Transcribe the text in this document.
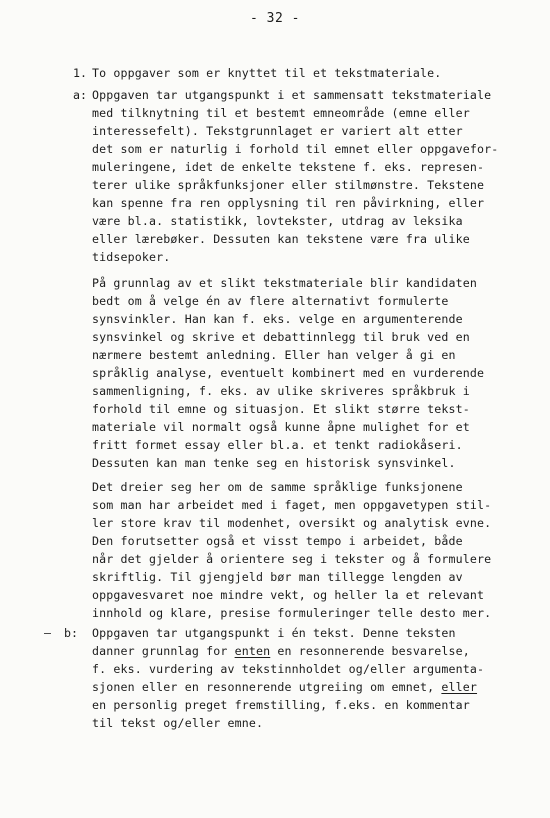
- 32 -
1. To oppgaver som er knyttet til et tekstmateriale.
a: Oppgaven tar utgangspunkt i et sammensatt tekstmateriale
med tilknytning til et bestemt emneområde (emne eller
interessefelt). Tekstgrunnlaget er variert alt etter
det som er naturlig i forhold til emnet eller oppgavefor-
muleringene, idet de enkelte tekstene f. eks. represen-
terer ulike språkfunksjoner eller stilmønstre. Tekstene
kan spenne fra ren opplysning til ren påvirkning, eller
være bl.a. statistikk, lovtekster, utdrag av leksika
eller lærebøker. Dessuten kan tekstene være fra ulike
tidsepoker.
På grunnlag av et slikt tekstmateriale blir kandidaten
bedt om å velge én av flere alternativt formulerte
synsvinkler. Han kan f. eks. velge en argumenterende
synsvinkel og skrive et debattinnlegg til bruk ved en
nærmere bestemt anledning. Eller han velger å gi en
språklig analyse, eventuelt kombinert med en vurderende
sammenligning, f. eks. av ulike skriveres språkbruk i
forhold til emne og situasjon. Et slikt større tekst-
materiale vil normalt også kunne åpne mulighet for et
fritt formet essay eller bl.a. et tenkt radiokåseri.
Dessuten kan man tenke seg en historisk synsvinkel.
Det dreier seg her om de samme språklige funksjonene
som man har arbeidet med i faget, men oppgavetypen stil-
ler store krav til modenhet, oversikt og analytisk evne.
Den forutsetter også et visst tempo i arbeidet, både
når det gjelder å orientere seg i tekster og å formulere
skriftlig. Til gjengjeld bør man tillegge lengden av
oppgavesvaret noe mindre vekt, og heller la et relevant
innhold og klare, presise formuleringer telle desto mer.
– b: Oppgaven tar utgangspunkt i én tekst. Denne teksten
danner grunnlag for enten en resonnerende besvarelse,
f. eks. vurdering av tekstinnholdet og/eller argumenta-
sjonen eller en resonnerende utgreiing om emnet, eller
en personlig preget fremstilling, f.eks. en kommentar
til tekst og/eller emne.
